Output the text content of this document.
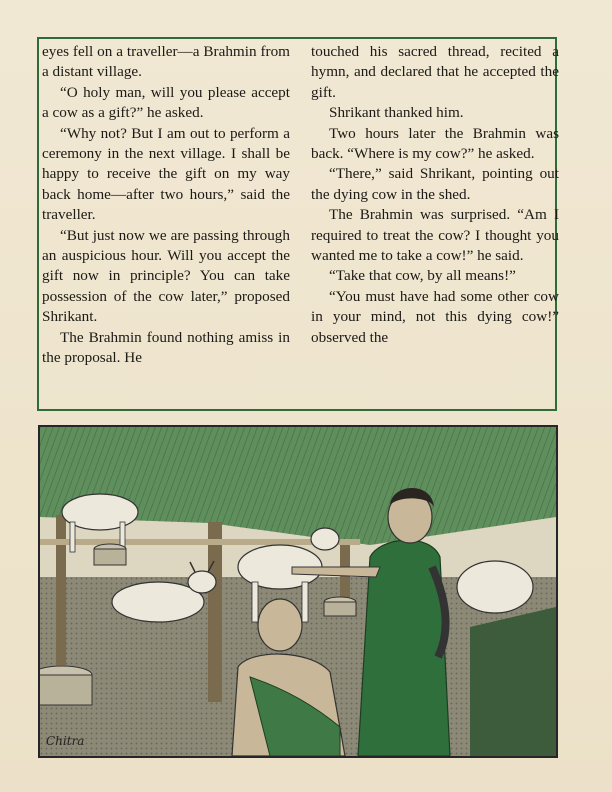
eyes fell on a traveller—a Brahmin from a distant village.

“O holy man, will you please accept a cow as a gift?” he asked.

“Why not? But I am out to perform a ceremony in the next village. I shall be happy to receive the gift on my way back home—after two hours,” said the traveller.

“But just now we are passing through an auspicious hour. Will you accept the gift now in principle? You can take possession of the cow later,” proposed Shrikant.

The Brahmin found nothing amiss in the proposal. He

touched his sacred thread, recited a hymn, and declared that he accepted the gift.

Shrikant thanked him.

Two hours later the Brahmin was back. “Where is my cow?” he asked.

“There,” said Shrikant, pointing out the dying cow in the shed.

The Brahmin was surprised. “Am I required to treat the cow? I thought you wanted me to take a cow!” he said.

“Take that cow, by all means!”

“You must have had some other cow in your mind, not this dying cow!” observed the

Chitra
